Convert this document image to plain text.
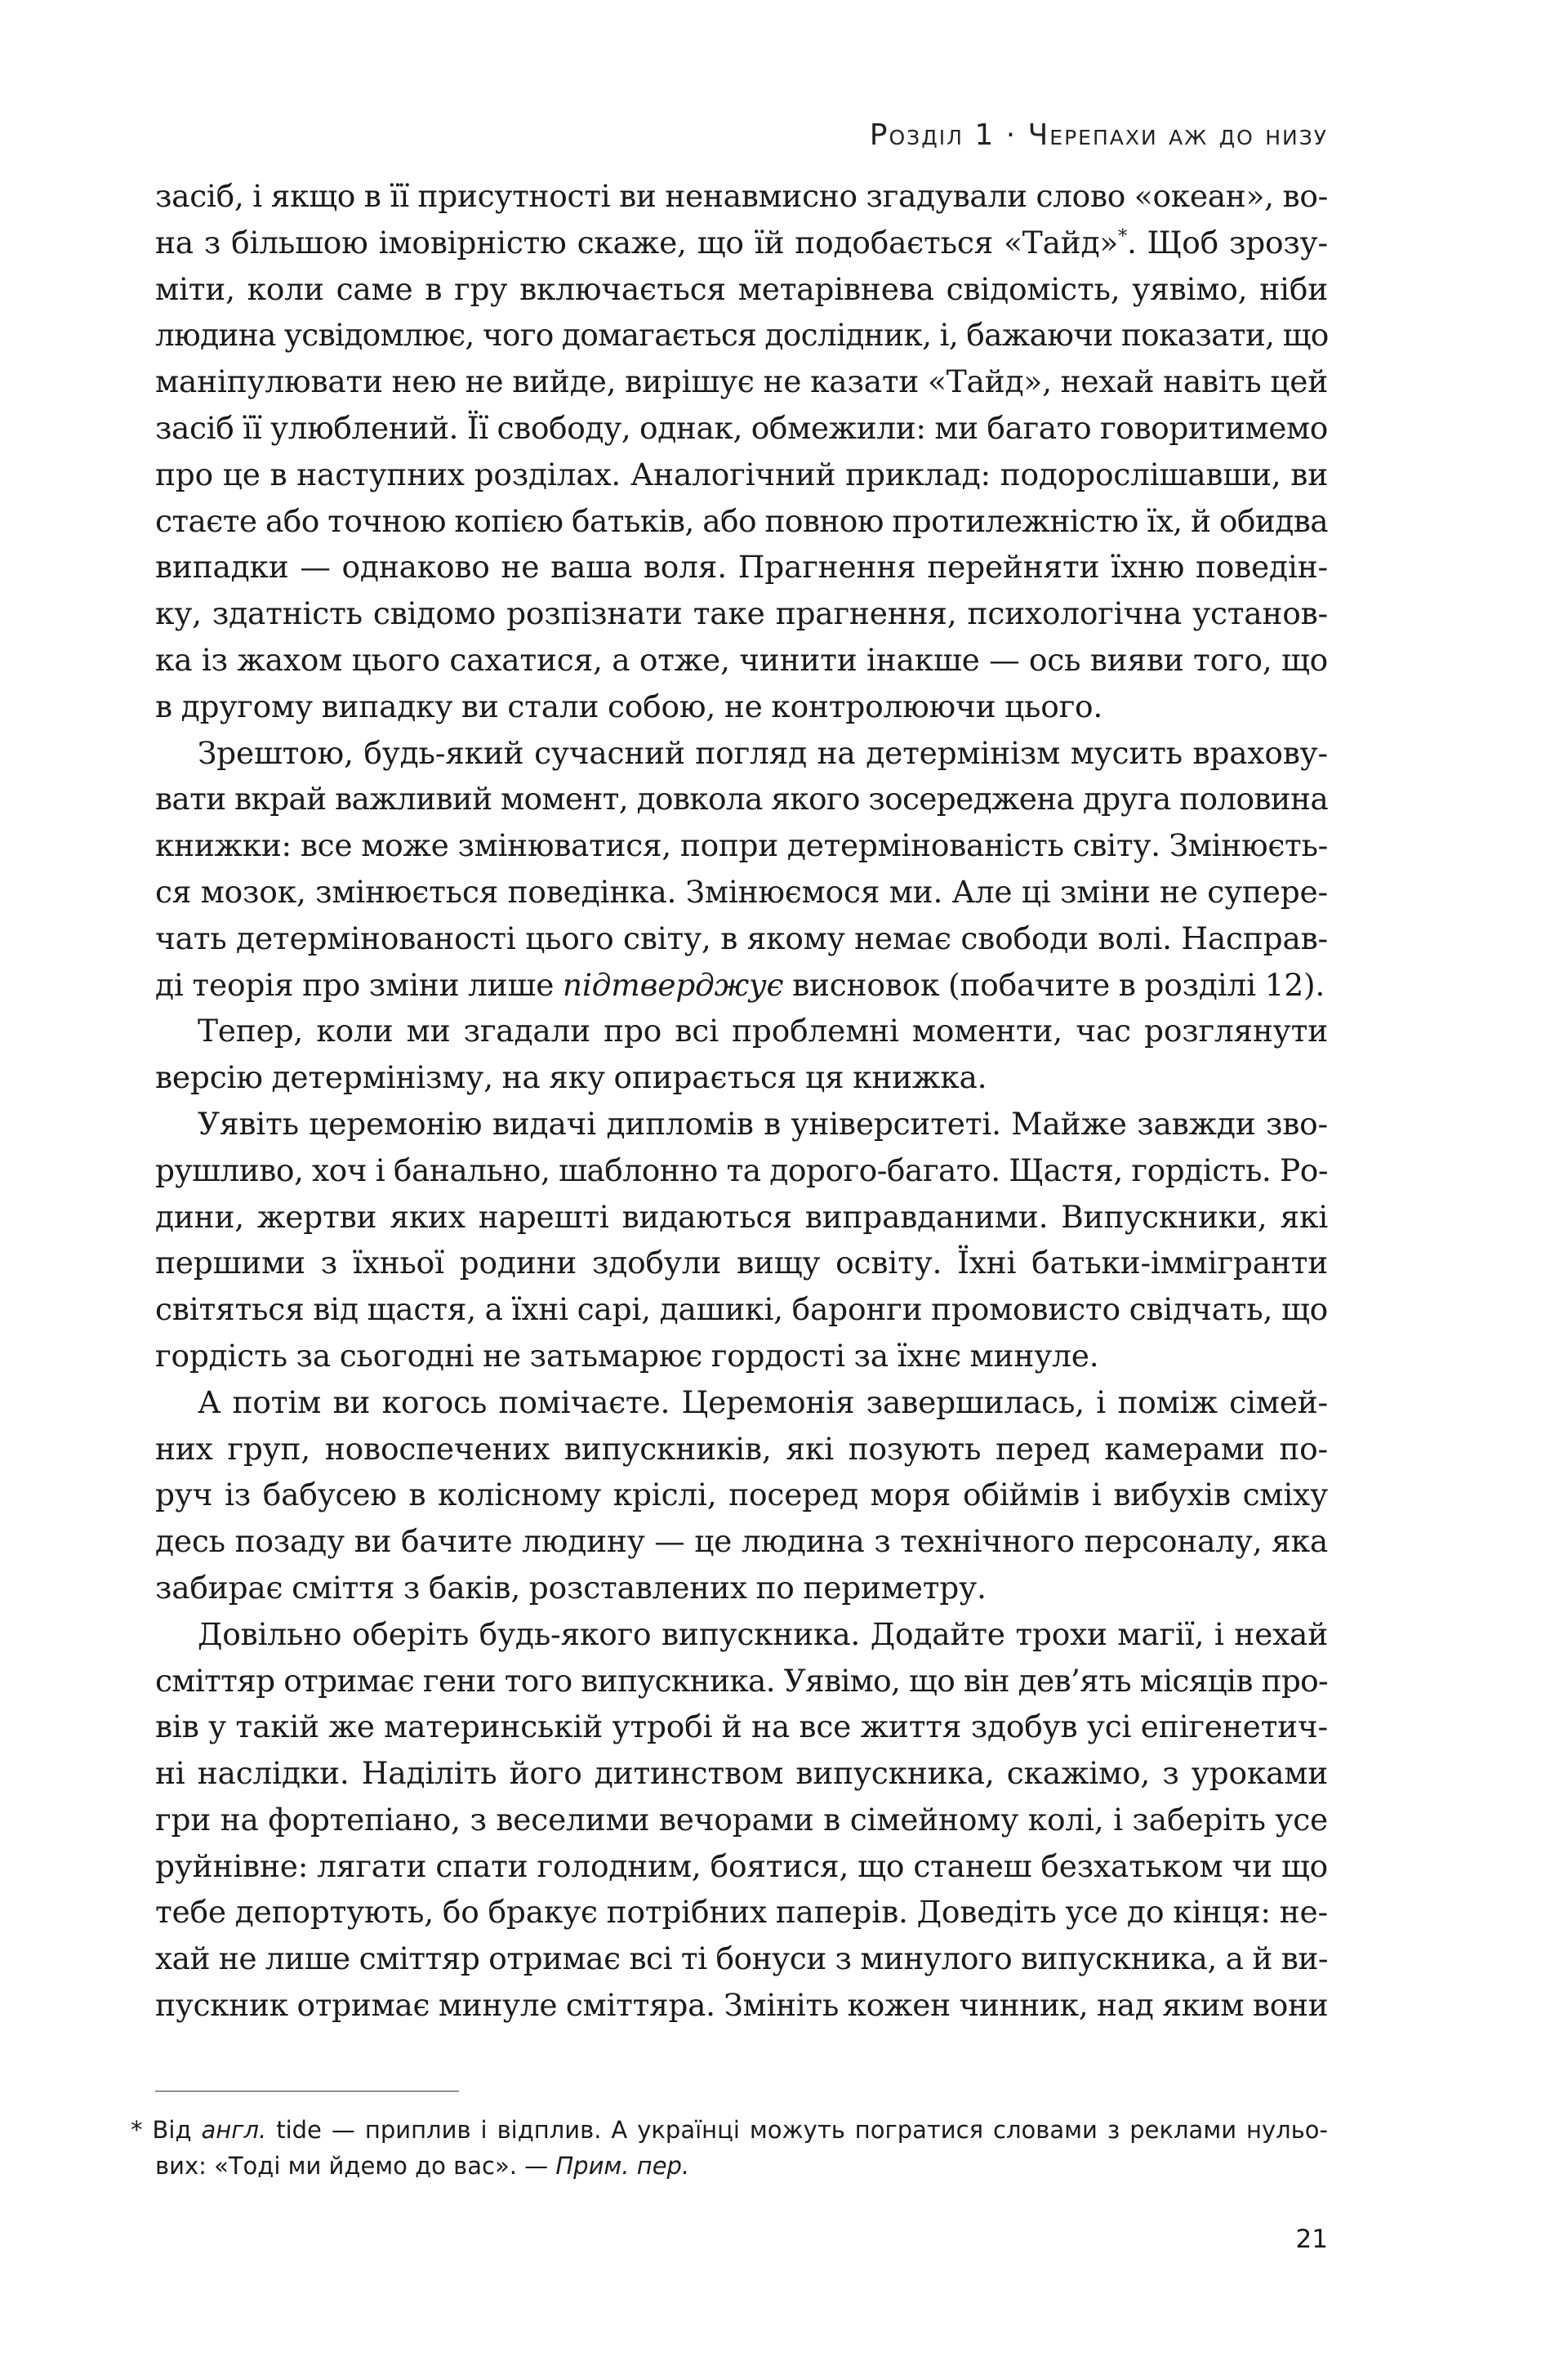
Розділ 1 · Черепахи аж до низу
засіб, і якщо в її присутності ви ненавмисно згадували слово «океан», во-
на з більшою імовірністю скаже, що їй подобається «Тайд»*. Щоб зрозу-
міти, коли саме в гру включається метарівнева свідомість, уявімо, ніби
людина усвідомлює, чого домагається дослідник, і, бажаючи показати, що
маніпулювати нею не вийде, вирішує не казати «Тайд», нехай навіть цей
засіб її улюблений. Її свободу, однак, обмежили: ми багато говоритимемо
про це в наступних розділах. Аналогічний приклад: подорослішавши, ви
стаєте або точною копією батьків, або повною протилежністю їх, й обидва
випадки — однаково не ваша воля. Прагнення перейняти їхню поведін-
ку, здатність свідомо розпізнати таке прагнення, психологічна установ-
ка із жахом цього сахатися, а отже, чинити інакше — ось вияви того, що
в другому випадку ви стали собою, не контролюючи цього.
Зрештою, будь-який сучасний погляд на детермінізм мусить врахову-
вати вкрай важливий момент, довкола якого зосереджена друга половина
книжки: все може змінюватися, попри детермінованість світу. Змінюєть-
ся мозок, змінюється поведінка. Змінюємося ми. Але ці зміни не супере-
чать детермінованості цього світу, в якому немає свободи волі. Насправ-
ді теорія про зміни лише підтверджує висновок (побачите в розділі 12).
Тепер, коли ми згадали про всі проблемні моменти, час розглянути
версію детермінізму, на яку опирається ця книжка.
Уявіть церемонію видачі дипломів в університеті. Майже завжди зво-
рушливо, хоч і банально, шаблонно та дорого-багато. Щастя, гордість. Ро-
дини, жертви яких нарешті видаються виправданими. Випускники, які
першими з їхньої родини здобули вищу освіту. Їхні батьки-іммігранти
світяться від щастя, а їхні сарі, дашикі, баронги промовисто свідчать, що
гордість за сьогодні не затьмарює гордості за їхнє минуле.
А потім ви когось помічаєте. Церемонія завершилась, і поміж сімей-
них груп, новоспечених випускників, які позують перед камерами по-
руч із бабусею в колісному кріслі, посеред моря обіймів і вибухів сміху
десь позаду ви бачите людину — це людина з технічного персоналу, яка
забирає сміття з баків, розставлених по периметру.
Довільно оберіть будь-якого випускника. Додайте трохи магії, і нехай
сміттяр отримає гени того випускника. Уявімо, що він дев’ять місяців про-
вів у такій же материнській утробі й на все життя здобув усі епігенетич-
ні наслідки. Наділіть його дитинством випускника, скажімо, з уроками
гри на фортепіано, з веселими вечорами в сімейному колі, і заберіть усе
руйнівне: лягати спати голодним, боятися, що станеш безхатьком чи що
тебе депортують, бо бракує потрібних паперів. Доведіть усе до кінця: не-
хай не лише сміттяр отримає всі ті бонуси з минулого випускника, а й ви-
пускник отримає минуле сміттяра. Змініть кожен чинник, над яким вони
* Від англ. tide — приплив і відплив. А українці можуть погратися словами з реклами нульо-
вих: «Тоді ми йдемо до вас». — Прим. пер.
21
